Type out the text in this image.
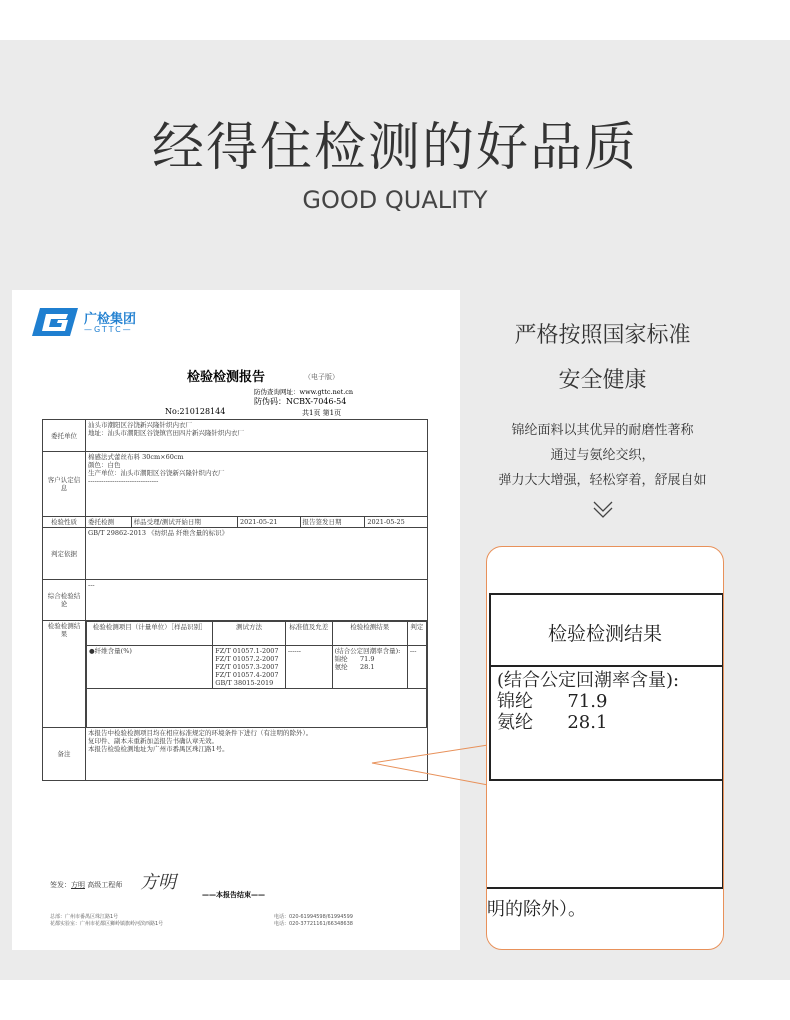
经得住检测的好品质
GOOD QUALITY
广检集团
—GTTC—
检验检测报告	（电子版）
防伪查询网址：www.gttc.net.cn
防伪码：NCBX-7046-54
No:210128144	共1页 第1页
委托单位	
汕头市潮阳区谷饶新兴隆针织内衣厂
地址：汕头市潮阳区谷饶镇官田四片新兴隆针织内衣厂

客户认定信息	
棉感法式蕾丝布料 30cm×60cm
颜色：白色
生产单位：汕头市潮阳区谷饶新兴隆针织内衣厂
--------------------------------

检验性质	委托检测	样品受理/测试开始日期	2021-05-21	报告签发日期	2021-05-25
判定依据	GB/T 29862-2013 《纺织品 纤维含量的标识》
综合检验结论	---
检验检测结果	
检验检测项目（计量单位）［样品识别］	测试方法	标准值及允差	检验检测结果	判定
●纤维含量(%)	FZ/T 01057.1-2007
FZ/T 01057.2-2007
FZ/T 01057.3-2007
FZ/T 01057.4-2007
GB/T 38015-2019
	------	(结合公定回潮率含量):
锦纶      71.9
氨纶      28.1
	---

备注	
本报告中检验检测项目均在相应标准规定的环境条件下进行（有注明的除外）。
复印件、副本未重新加盖报告书确认章无效。
本报告检验检测地址为广州市番禺区珠江路1号。
签发：方明 高级工程师 方明
——本报告结束——
总部：广州市番禺区珠江路1号
花都实验室：广州市花都区狮岭镇旗岭河滨西路1号
电话：020-61994598/61994599
电话：020-37721161/66348638
严格按照国家标准
安全健康
锦纶面料以其优异的耐磨性著称
通过与氨纶交织，
弹力大大增强，轻松穿着，舒展自如
检验检测结果
(结合公定回潮率含量):
锦纶      71.9
氨纶      28.1
明的除外）。
